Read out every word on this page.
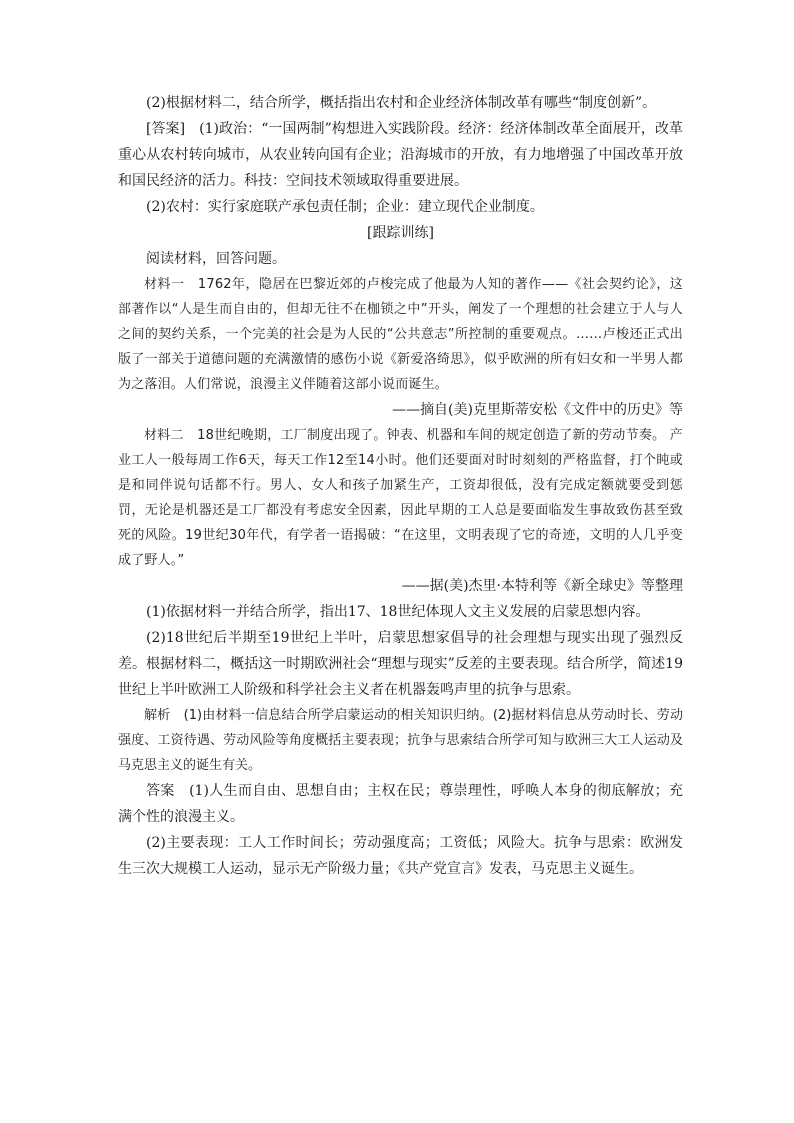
(2)根据材料二，结合所学，概括指出农村和企业经济体制改革有哪些“制度创新”。

[答案]　(1)政治：“一国两制”构想进入实践阶段。经济：经济体制改革全面展开，改革重心从农村转向城市，从农业转向国有企业；沿海城市的开放，有力地增强了中国改革开放和国民经济的活力。科技：空间技术领域取得重要进展。

(2)农村：实行家庭联产承包责任制；企业：建立现代企业制度。

[跟踪训练]

阅读材料，回答问题。

材料一　1762年，隐居在巴黎近郊的卢梭完成了他最为人知的著作——《社会契约论》，这部著作以“人是生而自由的，但却无往不在枷锁之中”开头，阐发了一个理想的社会建立于人与人之间的契约关系，一个完美的社会是为人民的“公共意志”所控制的重要观点。……卢梭还正式出版了一部关于道德问题的充满激情的感伤小说《新爱洛绮思》，似乎欧洲的所有妇女和一半男人都为之落泪。人们常说，浪漫主义伴随着这部小说而诞生。

——摘自(美)克里斯蒂安松《文件中的历史》等

材料二　18世纪晚期，工厂制度出现了。钟表、机器和车间的规定创造了新的劳动节奏。 产业工人一般每周工作6天，每天工作12至14小时。他们还要面对时时刻刻的严格监督，打个盹或是和同伴说句话都不行。男人、女人和孩子加紧生产，工资却很低，没有完成定额就要受到惩罚，无论是机器还是工厂都没有考虑安全因素，因此早期的工人总是要面临发生事故致伤甚至致死的风险。19世纪30年代，有学者一语揭破：“在这里，文明表现了它的奇迹，文明的人几乎变成了野人。”

——据(美)杰里·本特利等《新全球史》等整理

(1)依据材料一并结合所学，指出17、18世纪体现人文主义发展的启蒙思想内容。

(2)18世纪后半期至19世纪上半叶，启蒙思想家倡导的社会理想与现实出现了强烈反差。根据材料二，概括这一时期欧洲社会“理想与现实”反差的主要表现。结合所学，简述19世纪上半叶欧洲工人阶级和科学社会主义者在机器轰鸣声里的抗争与思索。

解析　(1)由材料一信息结合所学启蒙运动的相关知识归纳。(2)据材料信息从劳动时长、劳动强度、工资待遇、劳动风险等角度概括主要表现；抗争与思索结合所学可知与欧洲三大工人运动及马克思主义的诞生有关。

答案　(1)人生而自由、思想自由；主权在民；尊崇理性，呼唤人本身的彻底解放；充满个性的浪漫主义。

(2)主要表现：工人工作时间长；劳动强度高；工资低；风险大。抗争与思索：欧洲发生三次大规模工人运动，显示无产阶级力量；《共产党宣言》发表，马克思主义诞生。
